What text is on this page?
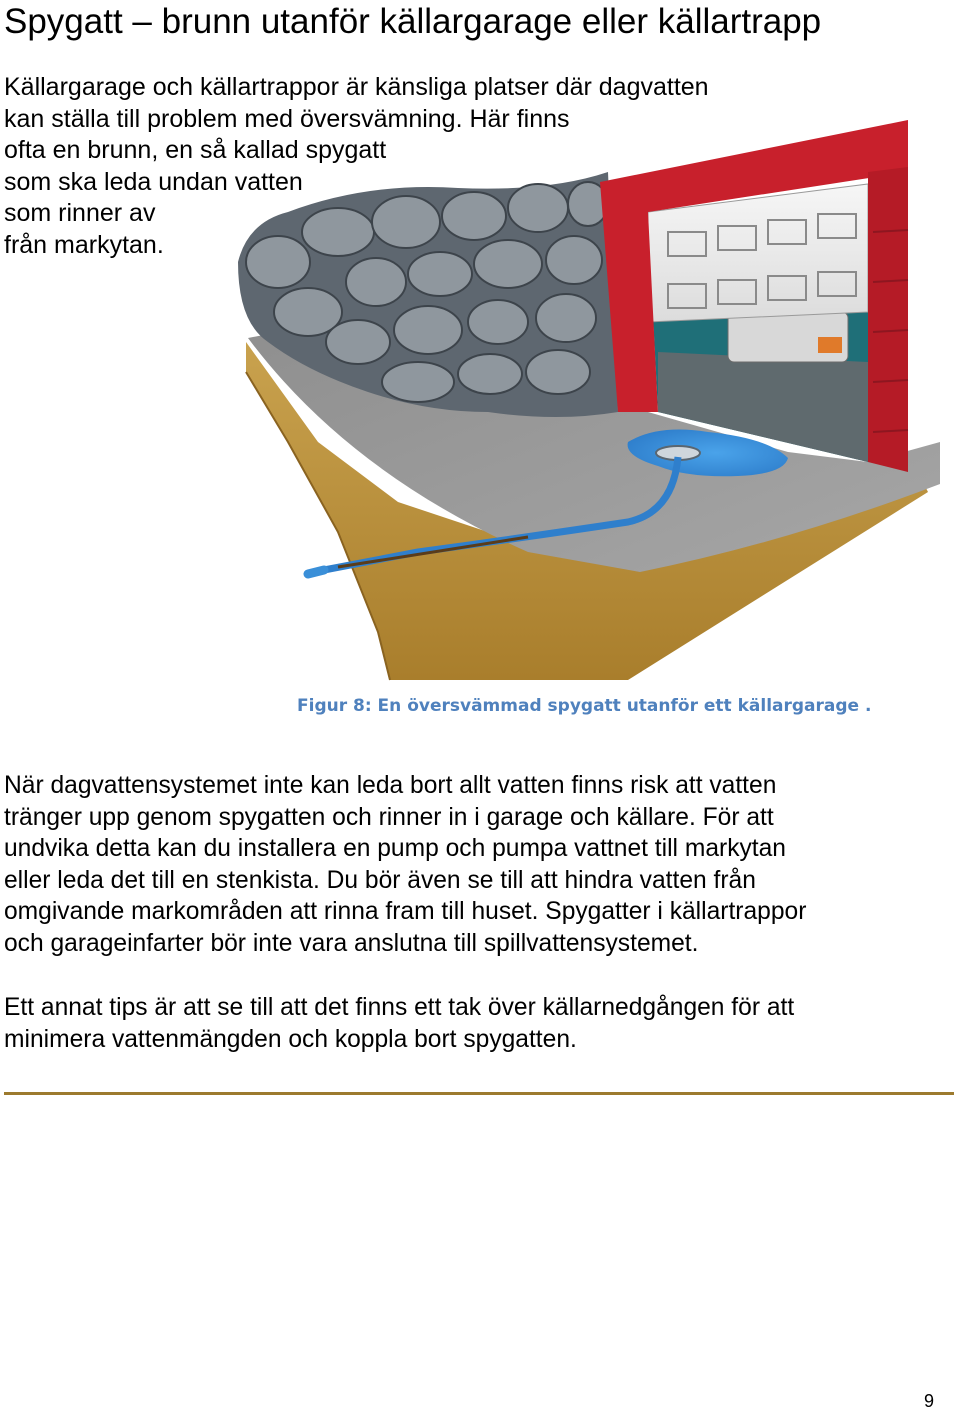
Spygatt – brunn utanför källargarage eller källartrapp
Källargarage och källartrappor är känsliga platser där dagvatten
kan ställa till problem med översvämning. Här finns
ofta en brunn, en så kallad spygatt
som ska leda undan vatten
som rinner av
från markytan.
Figur 8: En översvämmad spygatt utanför ett källargarage .
När dagvattensystemet inte kan leda bort allt vatten finns risk att vatten
tränger upp genom spygatten och rinner in i garage och källare. För att
undvika detta kan du installera en pump och pumpa vattnet till markytan
eller leda det till en stenkista. Du bör även se till att hindra vatten från
omgivande markområden att rinna fram till huset. Spygatter i källartrappor
och garageinfarter bör inte vara anslutna till spillvattensystemet.
Ett annat tips är att se till att det finns ett tak över källarnedgången för att
minimera vattenmängden och koppla bort spygatten.
9
